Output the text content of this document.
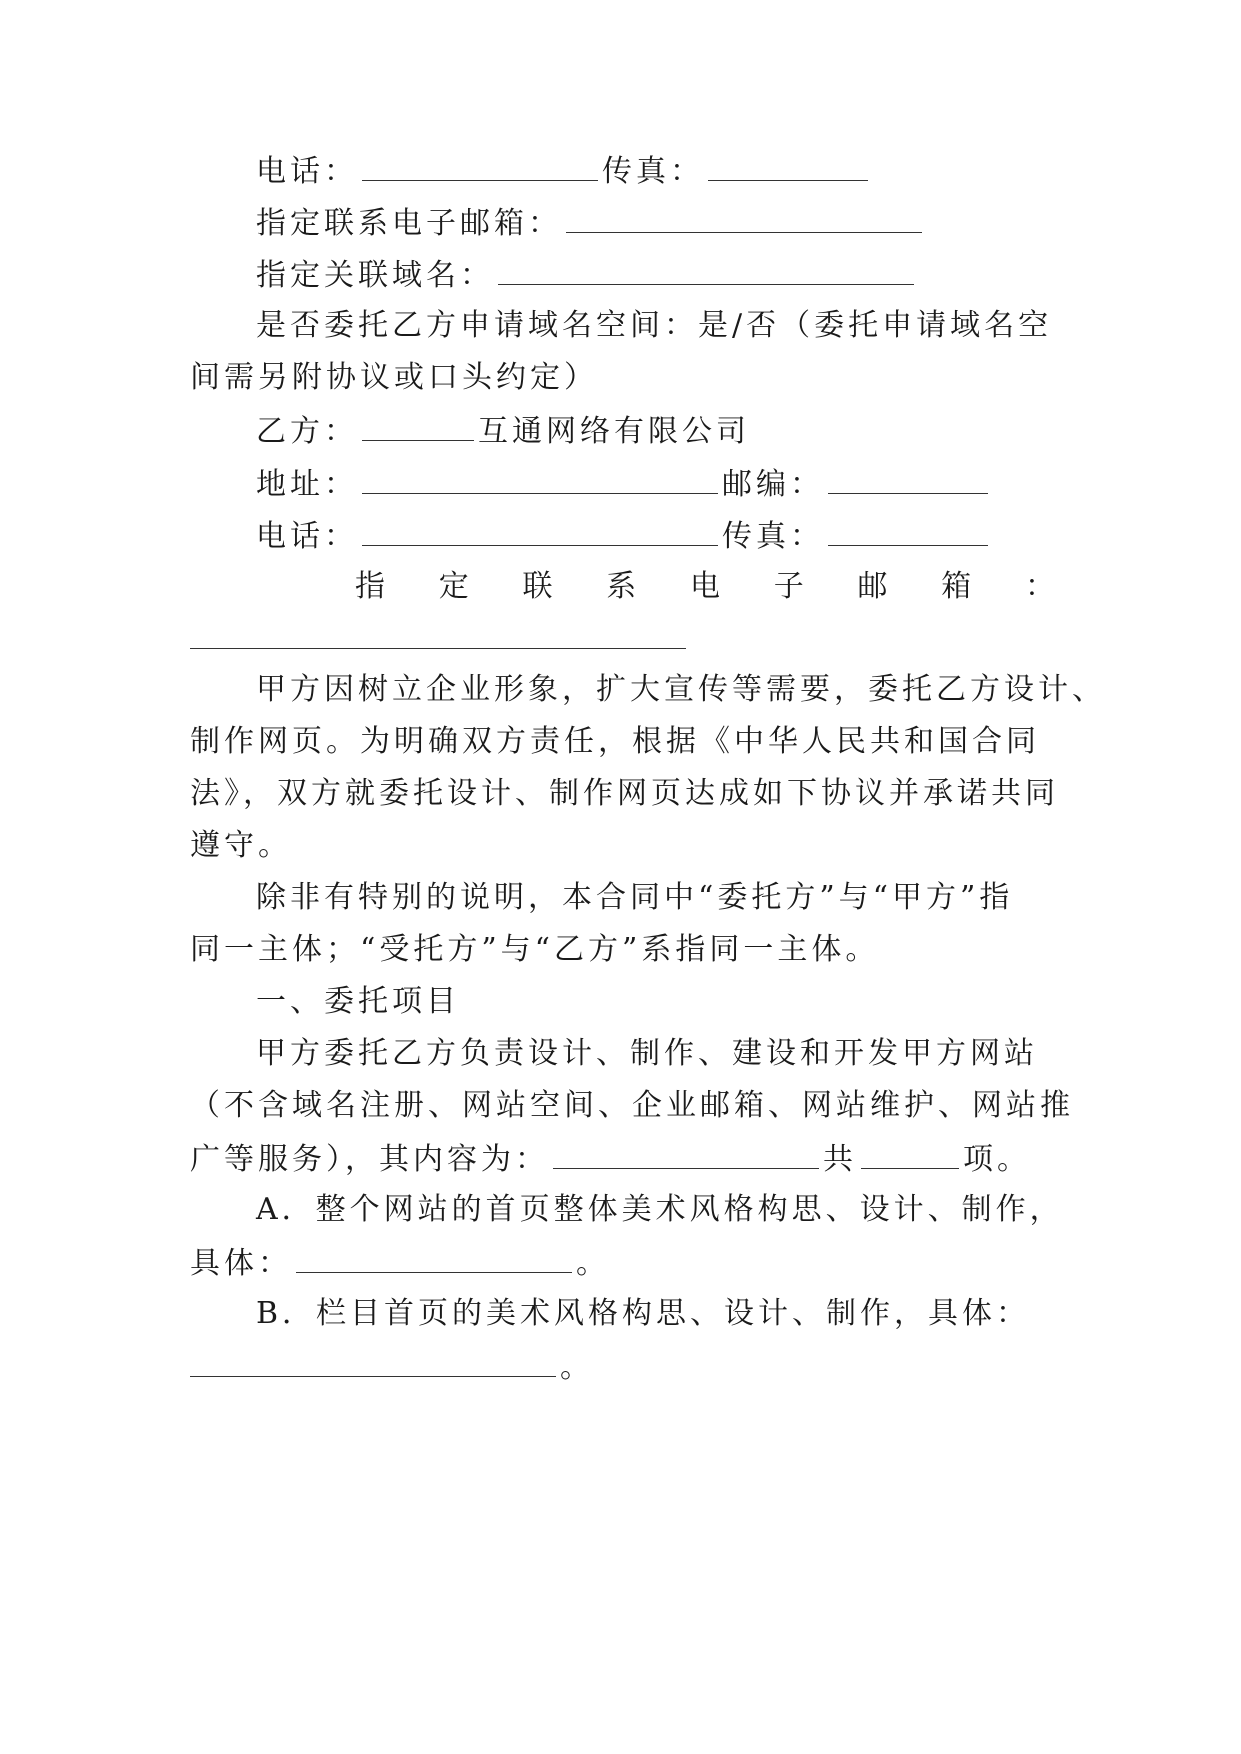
电话：	传真：
指定联系电子邮箱：
指定关联域名：
是否委托乙方申请域名空间：是/否（委托申请域名空
间需另附协议或口头约定）
乙方：	互通网络有限公司
地址：	邮编：
电话：	传真：
指 定 联 系 电 子 邮 箱 ：
甲方因树立企业形象，扩大宣传等需要，委托乙方设计、
制作网页。为明确双方责任，根据《中华人民共和国合同
法》，双方就委托设计、制作网页达成如下协议并承诺共同
遵守。
除非有特别的说明，本合同中“委托方”与“甲方”指
同一主体；“受托方”与“乙方”系指同一主体。
一、委托项目
甲方委托乙方负责设计、制作、建设和开发甲方网站
（不含域名注册、网站空间、企业邮箱、网站维护、网站推
广等服务），其内容为：	共	项。
A．整个网站的首页整体美术风格构思、设计、制作，
具体：	。
B．栏目首页的美术风格构思、设计、制作，具体：
。
